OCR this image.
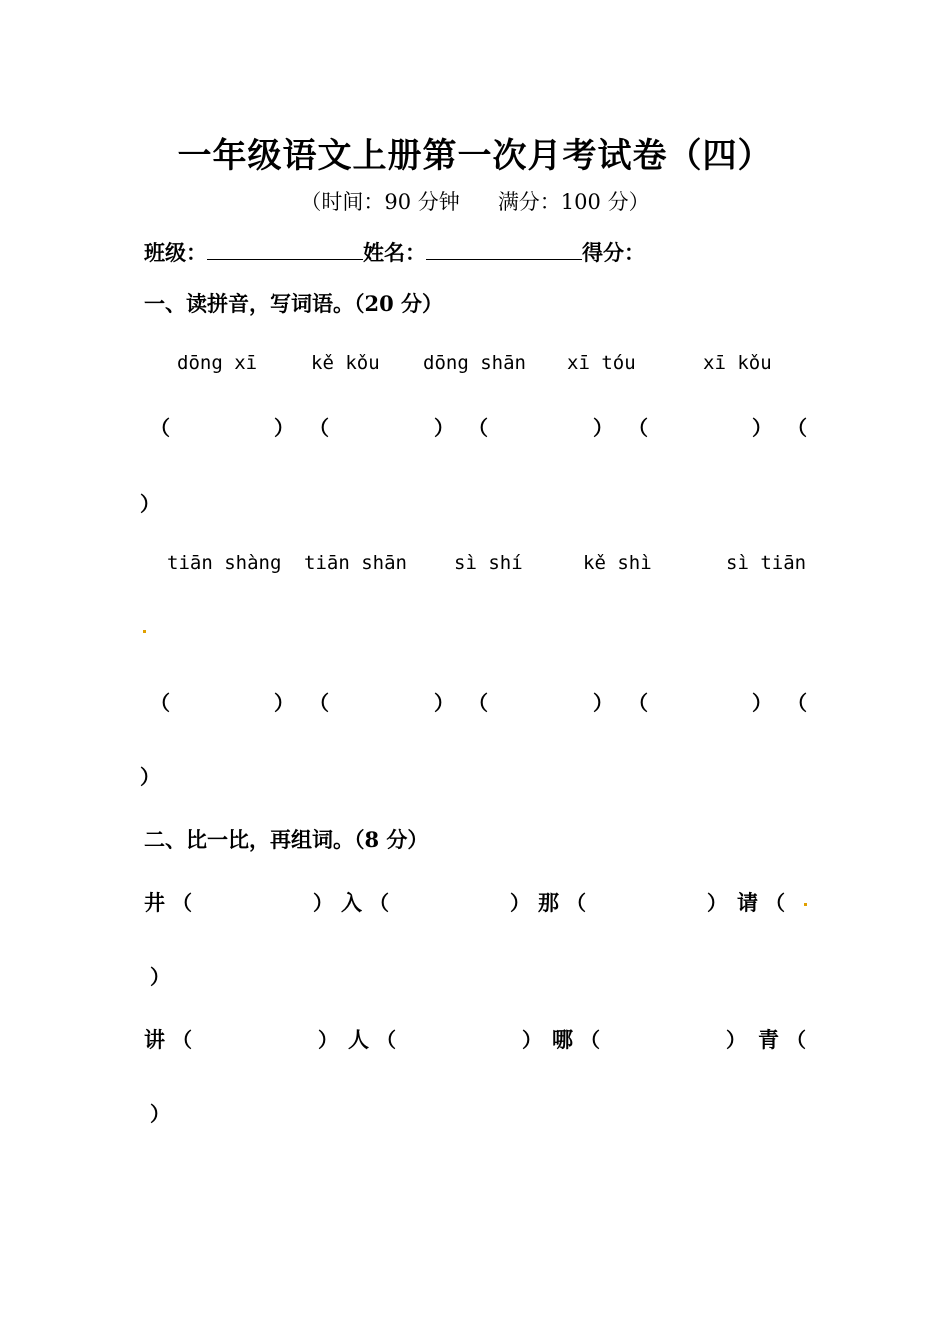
一年级语文上册第一次月考试卷（四）
（时间：90 分钟 满分：100 分）
班级：	姓名：	得分：
一、读拼音，写词语。（20 分）
dōng xī	kě kǒu dōng shān xī tóu	xī kǒu
（	） （	） （	） （	） （
）
tiān shàng tiān shān sì shí	kě shì	sì tiān
（	） （	） （	） （	） （
）
二、比一比，再组词。（8 分）
井 （	） 入 （	） 那 （	） 请 （
）
讲 （	） 人 （	） 哪 （	） 青 （
）
